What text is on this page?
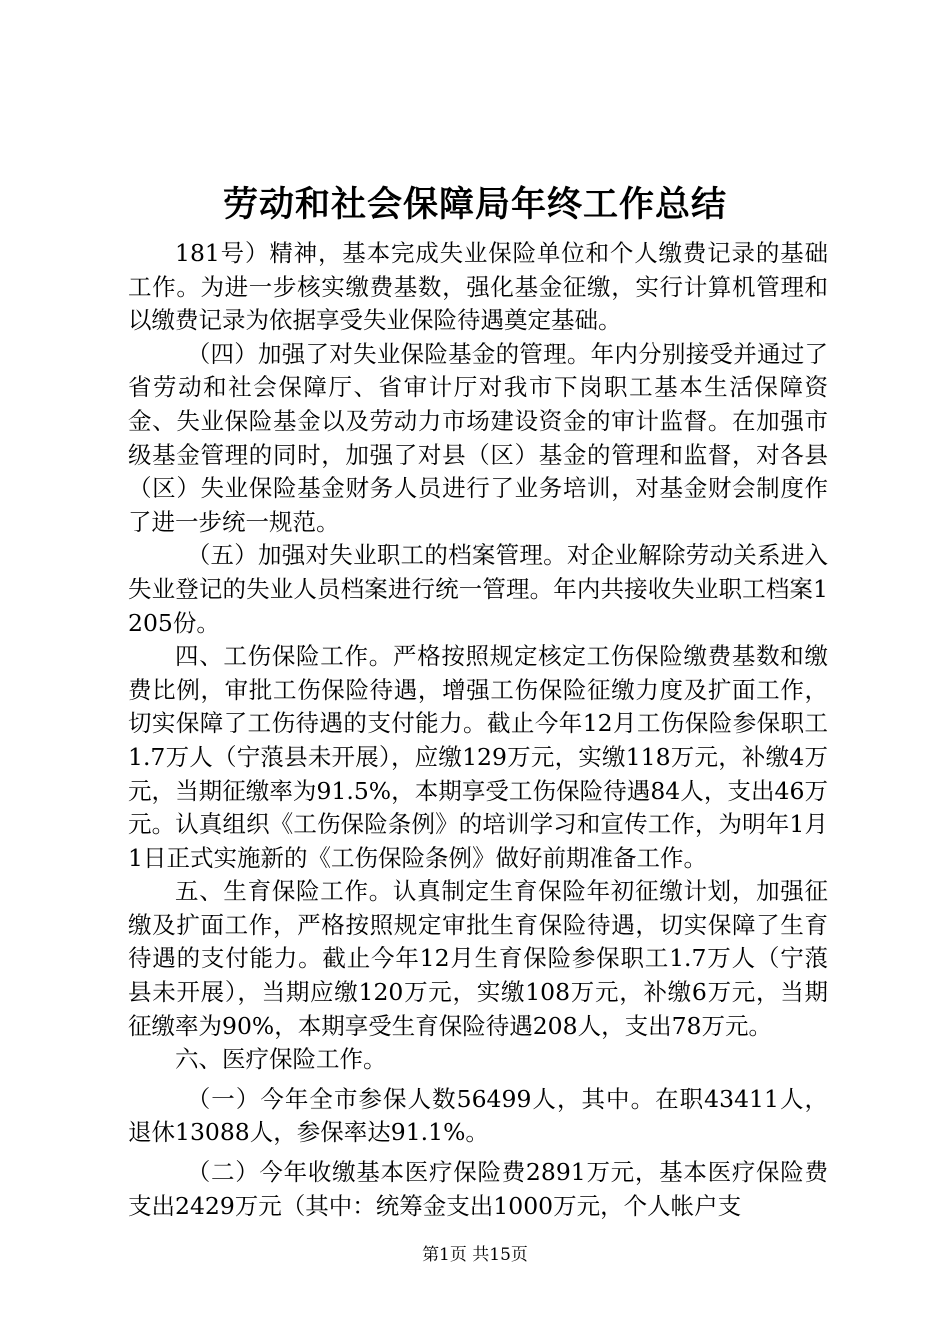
劳动和社会保障局年终工作总结

181号）精神，基本完成失业保险单位和个人缴费记录的基础工作。为进一步核实缴费基数，强化基金征缴，实行计算机管理和以缴费记录为依据享受失业保险待遇奠定基础。

（四）加强了对失业保险基金的管理。年内分别接受并通过了省劳动和社会保障厅、省审计厅对我市下岗职工基本生活保障资金、失业保险基金以及劳动力市场建设资金的审计监督。在加强市级基金管理的同时，加强了对县（区）基金的管理和监督，对各县（区）失业保险基金财务人员进行了业务培训，对基金财会制度作了进一步统一规范。

（五）加强对失业职工的档案管理。对企业解除劳动关系进入失业登记的失业人员档案进行统一管理。年内共接收失业职工档案1205份。

四、工伤保险工作。严格按照规定核定工伤保险缴费基数和缴费比例，审批工伤保险待遇，增强工伤保险征缴力度及扩面工作，切实保障了工伤待遇的支付能力。截止今年12月工伤保险参保职工1.7万人（宁蒗县未开展），应缴129万元，实缴118万元，补缴4万元，当期征缴率为91.5%，本期享受工伤保险待遇84人，支出46万元。认真组织《工伤保险条例》的培训学习和宣传工作，为明年1月1日正式实施新的《工伤保险条例》做好前期准备工作。

五、生育保险工作。认真制定生育保险年初征缴计划，加强征缴及扩面工作，严格按照规定审批生育保险待遇，切实保障了生育待遇的支付能力。截止今年12月生育保险参保职工1.7万人（宁蒗县未开展），当期应缴120万元，实缴108万元，补缴6万元，当期征缴率为90%，本期享受生育保险待遇208人，支出78万元。

六、医疗保险工作。

（一）今年全市参保人数56499人，其中。在职43411人，退休13088人，参保率达91.1%。

（二）今年收缴基本医疗保险费2891万元，基本医疗保险费支出2429万元（其中：统筹金支出1000万元，个人帐户支

第1页 共15页
